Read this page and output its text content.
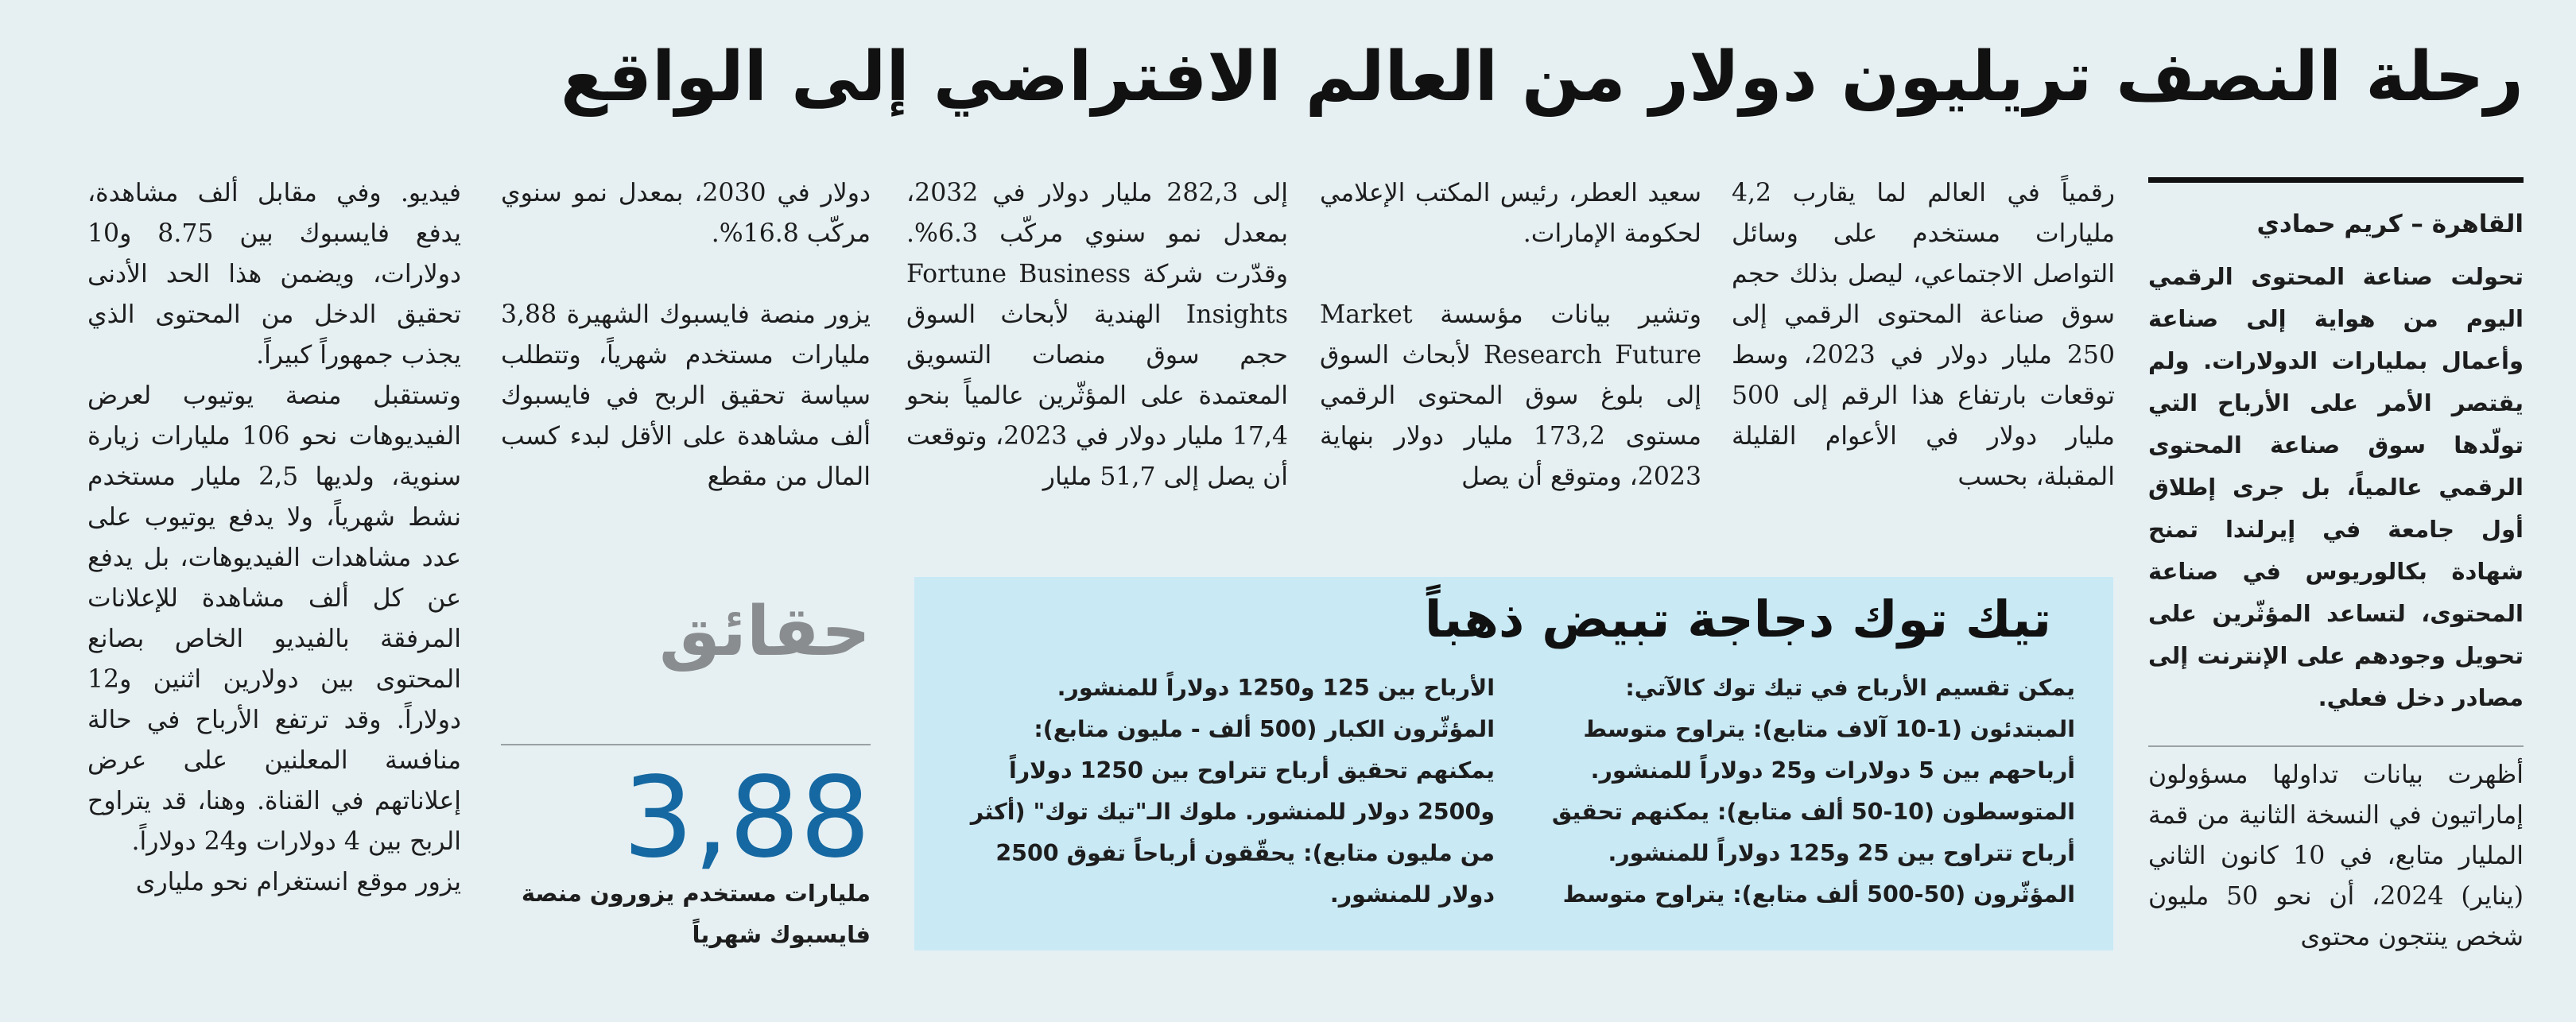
رحلة النصف تريليون دولار من العالم الافتراضي إلى الواقع
القاهرة – كريم حمادي
تحولت صناعة المحتوى الرقمي اليوم من هواية إلى صناعة وأعمال بمليارات الدولارات. ولم يقتصر الأمر على الأرباح التي تولّدها سوق صناعة المحتوى الرقمي عالمياً، بل جرى إطلاق أول جامعة في إيرلندا تمنح شهادة بكالوريوس في صناعة المحتوى، لتساعد المؤثّرين على تحويل وجودهم على الإنترنت إلى مصادر دخل فعلي.

أظهرت بيانات تداولها مسؤولون إماراتيون في النسخة الثانية من قمة المليار متابع، في 10 كانون الثاني (يناير) 2024، أن نحو 50 مليون شخص ينتجون محتوى

رقمياً في العالم لما يقارب 4,2 مليارات مستخدم على وسائل التواصل الاجتماعي، ليصل بذلك حجم سوق صناعة المحتوى الرقمي إلى 250 مليار دولار في 2023، وسط توقعات بارتفاع هذا الرقم إلى 500 مليار دولار في الأعوام القليلة المقبلة، بحسب

سعيد العطر، رئيس المكتب الإعلامي لحكومة الإمارات.

وتشير بيانات مؤسسة Market Research Future لأبحاث السوق إلى بلوغ سوق المحتوى الرقمي مستوى 173,2 مليار دولار بنهاية 2023، ومتوقع أن يصل

إلى 282,3 مليار دولار في 2032، بمعدل نمو سنوي مركّب 6.3%. وقدّرت شركة Fortune Business Insights الهندية لأبحاث السوق حجم سوق منصات التسويق المعتمدة على المؤثّرين عالمياً بنحو 17,4 مليار دولار في 2023، وتوقعت أن يصل إلى 51,7 مليار

دولار في 2030، بمعدل نمو سنوي مركّب 16.8%.

يزور منصة فايسبوك الشهيرة 3,88 مليارات مستخدم شهرياً، وتتطلب سياسة تحقيق الربح في فايسبوك ألف مشاهدة على الأقل لبدء كسب المال من مقطع

فيديو. وفي مقابل ألف مشاهدة، يدفع فايسبوك بين 8.75 و10 دولارات، ويضمن هذا الحد الأدنى تحقيق الدخل من المحتوى الذي يجذب جمهوراً كبيراً.

وتستقبل منصة يوتيوب لعرض الفيديوهات نحو 106 مليارات زيارة سنوية، ولديها 2,5 مليار مستخدم نشط شهرياً، ولا يدفع يوتيوب على عدد مشاهدات الفيديوهات، بل يدفع عن كل ألف مشاهدة للإعلانات المرفقة بالفيديو الخاص بصانع المحتوى بين دولارين اثنين و12 دولاراً. وقد ترتفع الأرباح في حالة منافسة المعلنين على عرض إعلاناتهم في القناة. وهنا، قد يتراوح الربح بين 4 دولارات و24 دولاراً.

يزور موقع انستغرام نحو مليارى

تيك توك دجاجة تبيض ذهباً

يمكن تقسيم الأرباح في تيك توك كالآتي: المبتدئون (1-10 آلاف متابع): يتراوح متوسط أرباحهم بين 5 دولارات و25 دولاراً للمنشور. المتوسطون (10-50 ألف متابع): يمكنهم تحقيق أرباح تتراوح بين 25 و125 دولاراً للمنشور. المؤثّرون (50-500 ألف متابع): يتراوح متوسط

الأرباح بين 125 و1250 دولاراً للمنشور. المؤثّرون الكبار (500 ألف - مليون متابع): يمكنهم تحقيق أرباح تتراوح بين 1250 دولاراً و2500 دولار للمنشور. ملوك الـ"تيك توك" (أكثر من مليون متابع): يحقّقون أرباحاً تفوق 2500 دولار للمنشور.

حقائق
3,88
مليارات مستخدم يزورون منصة فايسبوك شهرياً
